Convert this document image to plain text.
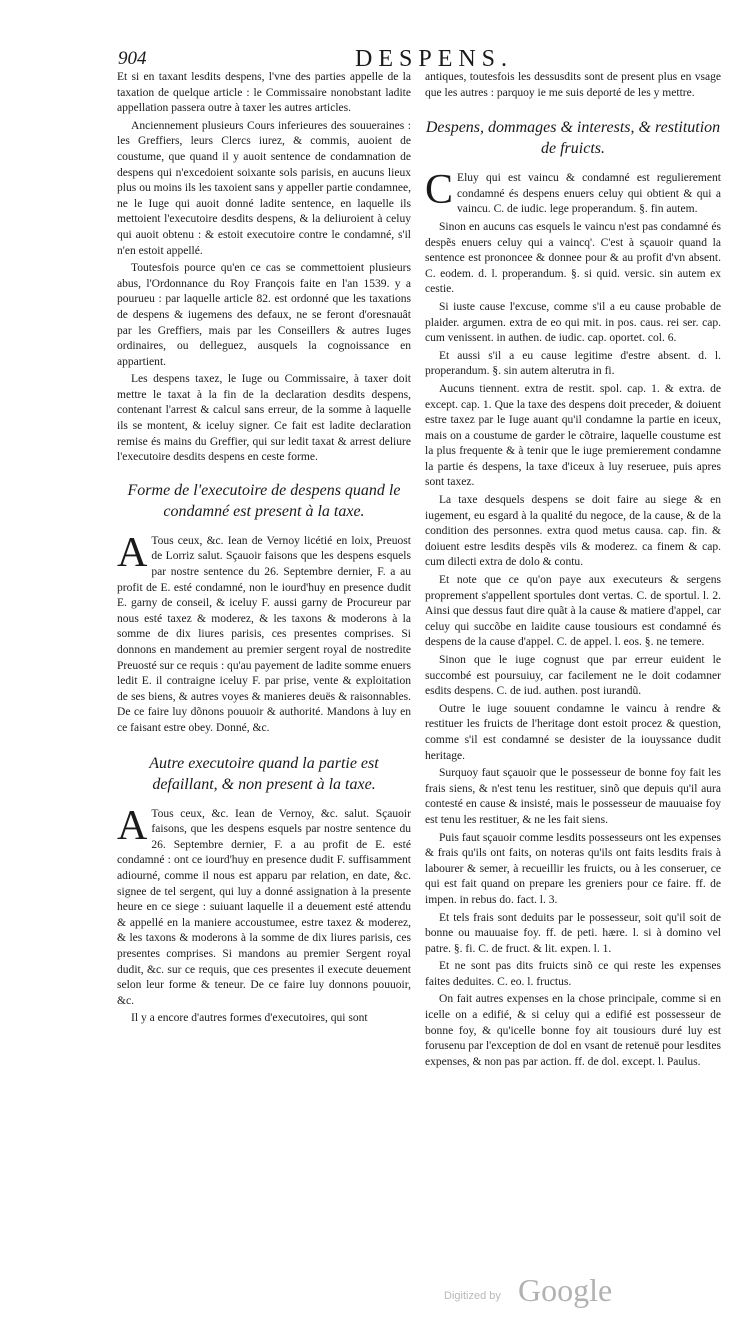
904	DESPENS.

Et si en taxant lesdits despens, l'vne des parties appelle de la taxation de quelque article : le Commissaire nonobstant ladite appellation passera outre à taxer les autres articles.

Anciennement plusieurs Cours inferieures des souueraines : les Greffiers, leurs Clercs iurez, & commis, auoient de coustume, que quand il y auoit sentence de condamnation de despens qui n'excedoient soixante sols parisis, en aucuns lieux plus ou moins ils les taxoient sans y appeller partie condamnee, ne le Iuge qui auoit donné ladite sentence, en laquelle ils mettoient l'executoire desdits despens, & la deliuroient à celuy qui auoit obtenu : & estoit executoire contre le condamné, s'il n'en estoit appellé.

Toutesfois pource qu'en ce cas se commettoient plusieurs abus, l'Ordonnance du Roy François faite en l'an 1539. y a pourueu : par laquelle article 82. est ordonné que les taxations de despens & iugemens des defaux, ne se feront d'oresnauât par les Greffiers, mais par les Conseillers & autres Iuges ordinaires, ou delleguez, ausquels la cognoissance en appartient.

Les despens taxez, le Iuge ou Commissaire, à taxer doit mettre le taxat à la fin de la declaration desdits despens, contenant l'arrest & calcul sans erreur, de la somme à laquelle ils se montent, & iceluy signer. Ce fait est ladite declaration remise és mains du Greffier, qui sur ledit taxat & arrest deliure l'executoire desdits despens en ceste forme.

Forme de l'executoire de despens quand le condamné est present à la taxe.

A Tous ceux, &c. Iean de Vernoy licétié en loix, Preuost de Lorriz salut. Sçauoir faisons que les despens esquels par nostre sentence du 26. Septembre dernier, F. a au profit de E. esté condamné, non le iourd'huy en presence dudit E. garny de conseil, & iceluy F. aussi garny de Procureur par nous esté taxez & moderez, & les taxons & moderons à la somme de dix liures parisis, ces presentes comprises. Si donnons en mandement au premier sergent royal de nostredite Preuosté sur ce requis : qu'au payement de ladite somme enuers ledit E. il contraigne iceluy F. par prise, vente & exploitation de ses biens, & autres voyes & manieres deuës & raisonnables. De ce faire luy dõnons pouuoir & authorité. Mandons à luy en ce faisant estre obey. Donné, &c.

Autre executoire quand la partie est defaillant, & non present à la taxe.

A Tous ceux, &c. Iean de Vernoy, &c. salut. Sçauoir faisons, que les despens esquels par nostre sentence du 26. Septembre dernier, F. a au profit de E. esté condamné : ont ce iourd'huy en presence dudit F. suffisamment adiourné, comme il nous est apparu par relation, en date, &c. signee de tel sergent, qui luy a donné assignation à la presente heure en ce siege : suiuant laquelle il a deuement esté attendu & appellé en la maniere accoustumee, estre taxez & moderez, & les taxons & moderons à la somme de dix liures parisis, ces presentes comprises. Si mandons au premier Sergent royal dudit, &c. sur ce requis, que ces presentes il execute deuement selon leur forme & teneur. De ce faire luy donnons pouuoir, &c.

Il y a encore d'autres formes d'executoires, qui sont

antiques, toutesfois les dessusdits sont de present plus en vsage que les autres : parquoy ie me suis deporté de les y mettre.

Despens, dommages & interests, & restitution de fruicts.

C Eluy qui est vaincu & condamné est regulierement condamné és despens enuers celuy qui obtient & qui a vaincu. C. de iudic. lege properandum. §. fin autem.

Sinon en aucuns cas esquels le vaincu n'est pas condamné és despẽs enuers celuy qui a vaincq'. C'est à sçauoir quand la sentence est prononcee & donnee pour & au profit d'vn absent. C. eodem. d. l. properandum. §. si quid. versic. sin autem ex cestie.

Si iuste cause l'excuse, comme s'il a eu cause probable de plaider. argumen. extra de eo qui mit. in pos. caus. rei ser. cap. cum venissent. in authen. de iudic. cap. oportet. col. 6.

Et aussi s'il a eu cause legitime d'estre absent. d. l. properandum. §. sin autem alterutra in fi.

Aucuns tiennent. extra de restit. spol. cap. 1. & extra. de except. cap. 1. Que la taxe des despens doit preceder, & doiuent estre taxez par le Iuge auant qu'il condamne la partie en iceux, mais on a coustume de garder le cõtraire, laquelle coustume est la plus frequente & à tenir que le iuge premierement condamne la partie és despens, la taxe d'iceux à luy reseruee, puis apres sont taxez.

La taxe desquels despens se doit faire au siege & en iugement, eu esgard à la qualité du negoce, de la cause, & de la condition des personnes. extra quod metus causa. cap. fin. & doiuent estre lesdits despẽs vils & moderez. ca finem & cap. cum dilecti extra de dolo & contu.

Et note que ce qu'on paye aux executeurs & sergens proprement s'appellent sportules dont vertas. C. de sportul. l. 2. Ainsi que dessus faut dire quãt à la cause & matiere d'appel, car celuy qui succõbe en laidite cause tousiours est condamné és despens de la cause d'appel. C. de appel. l. eos. §. ne temere.

Sinon que le iuge cognust que par erreur euident le succombé est poursuiuy, car facilement ne le doit codamner esdits despens. C. de iud. authen. post iurandũ.

Outre le iuge souuent condamne le vaincu à rendre & restituer les fruicts de l'heritage dont estoit procez & question, comme s'il est condamné se desister de la iouyssance dudit heritage.

Surquoy faut sçauoir que le possesseur de bonne foy fait les frais siens, & n'est tenu les restituer, sinõ que depuis qu'il aura contesté en cause & insisté, mais le possesseur de mauuaise foy est tenu les restituer, & ne les fait siens.

Puis faut sçauoir comme lesdits possesseurs ont les expenses & frais qu'ils ont faits, on noteras qu'ils ont faits lesdits frais à labourer & semer, à recueillir les fruicts, ou à les conseruer, ce qui est fait quand on prepare les greniers pour ce faire. ff. de impen. in rebus do. fact. l. 3.

Et tels frais sont deduits par le possesseur, soit qu'il soit de bonne ou mauuaise foy. ff. de peti. hære. l. si à domino vel patre. §. fi. C. de fruct. & lit. expen. l. 1.

Et ne sont pas dits fruicts sinõ ce qui reste les expenses faites deduites. C. eo. l. fructus.

On fait autres expenses en la chose principale, comme si en icelle on a edifié, & si celuy qui a edifié est possesseur de bonne foy, & qu'icelle bonne foy ait tousiours duré luy est forusenu par l'exception de dol en vsant de retenuë pour lesdites expenses, & non pas par action. ff. de dol. except. l. Paulus.

Digitized by Google
